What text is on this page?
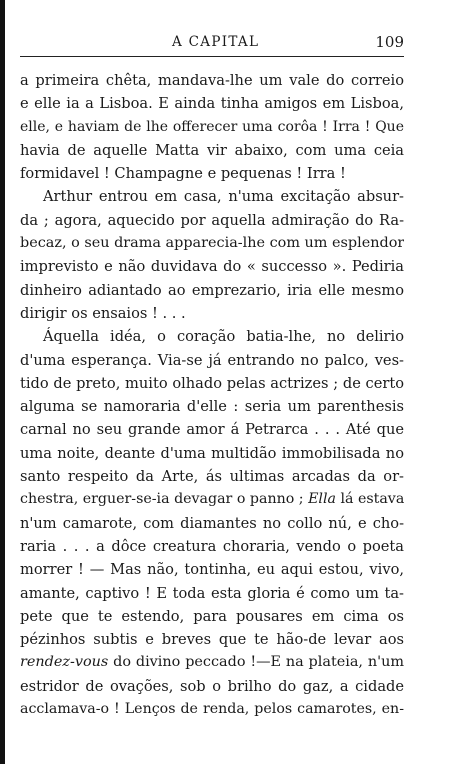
A CAPITAL	109
a primeira chêta, mandava-lhe um vale do correio
e elle ia a Lisboa. E ainda tinha amigos em Lisboa,
elle, e haviam de lhe offerecer uma corôa ! Irra ! Que
havia de aquelle Matta vir abaixo, com uma ceia
formidavel ! Champagne e pequenas ! Irra !
Arthur entrou em casa, n'uma excitação absur-
da ; agora, aquecido por aquella admiração do Ra-
becaz, o seu drama apparecia-lhe com um esplendor
imprevisto e não duvidava do « successo ». Pediria
dinheiro adiantado ao emprezario, iria elle mesmo
dirigir os ensaios ! . . .
Áquella idéa, o coração batia-lhe, no delirio
d'uma esperança. Via-se já entrando no palco, ves-
tido de preto, muito olhado pelas actrizes ; de certo
alguma se namoraria d'elle : seria um parenthesis
carnal no seu grande amor á Petrarca . . . Até que
uma noite, deante d'uma multidão immobilisada no
santo respeito da Arte, ás ultimas arcadas da or-
chestra, erguer-se-ia devagar o panno ; Ella lá estava
n'um camarote, com diamantes no collo nú, e cho-
raria . . . a dôce creatura choraria, vendo o poeta
morrer ! — Mas não, tontinha, eu aqui estou, vivo,
amante, captivo ! E toda esta gloria é como um ta-
pete que te estendo, para pousares em cima os
pézinhos subtis e breves que te hão-de levar aos
rendez-vous do divino peccado !—E na plateia, n'um
estridor de ovações, sob o brilho do gaz, a cidade
acclamava-o ! Lenços de renda, pelos camarotes, en-
